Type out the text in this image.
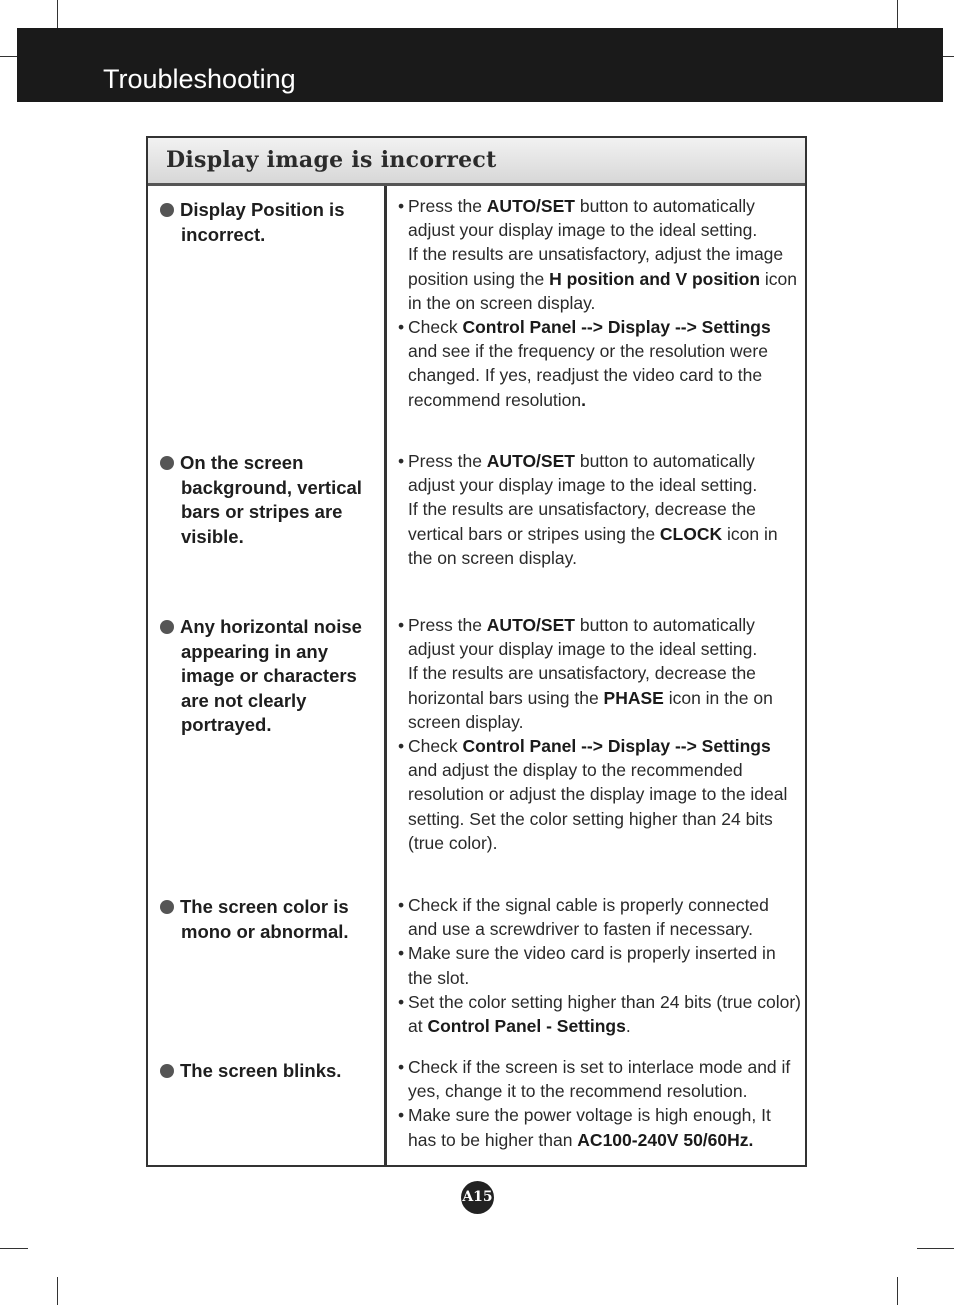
Troubleshooting
Display image is incorrect
Display Position is
incorrect.
• Press the AUTO/SET button to automatically
adjust your display image to the ideal setting.
If the results are unsatisfactory, adjust the image
position using the H position and V position icon
in the on screen display.
• Check Control Panel --> Display --> Settings
and see if the frequency or the resolution were
changed. If yes, readjust the video card to the
recommend resolution.
On the screen
background, vertical
bars or stripes are
visible.
• Press the AUTO/SET button to automatically
adjust your display image to the ideal setting.
If the results are unsatisfactory, decrease the
vertical bars or stripes using the CLOCK icon in
the on screen display.
Any horizontal noise
appearing in any
image or characters
are not clearly
portrayed.
• Press the AUTO/SET button to automatically
adjust your display image to the ideal setting.
If the results are unsatisfactory, decrease the
horizontal bars using the PHASE icon in the on
screen display.
• Check Control Panel --> Display --> Settings
and adjust the display to the recommended
resolution or adjust the display image to the ideal
setting. Set the color setting higher than 24 bits
(true color).
The screen color is
mono or abnormal.
• Check if the signal cable is properly connected
and use a screwdriver to fasten if necessary.
• Make sure the video card is properly inserted in
the slot.
• Set the color setting higher than 24 bits (true color)
at Control Panel - Settings.
The screen blinks.	• Check if the screen is set to interlace mode and if
yes, change it to the recommend resolution.
• Make sure the power voltage is high enough, It
has to be higher than AC100-240V 50/60Hz.
A15
